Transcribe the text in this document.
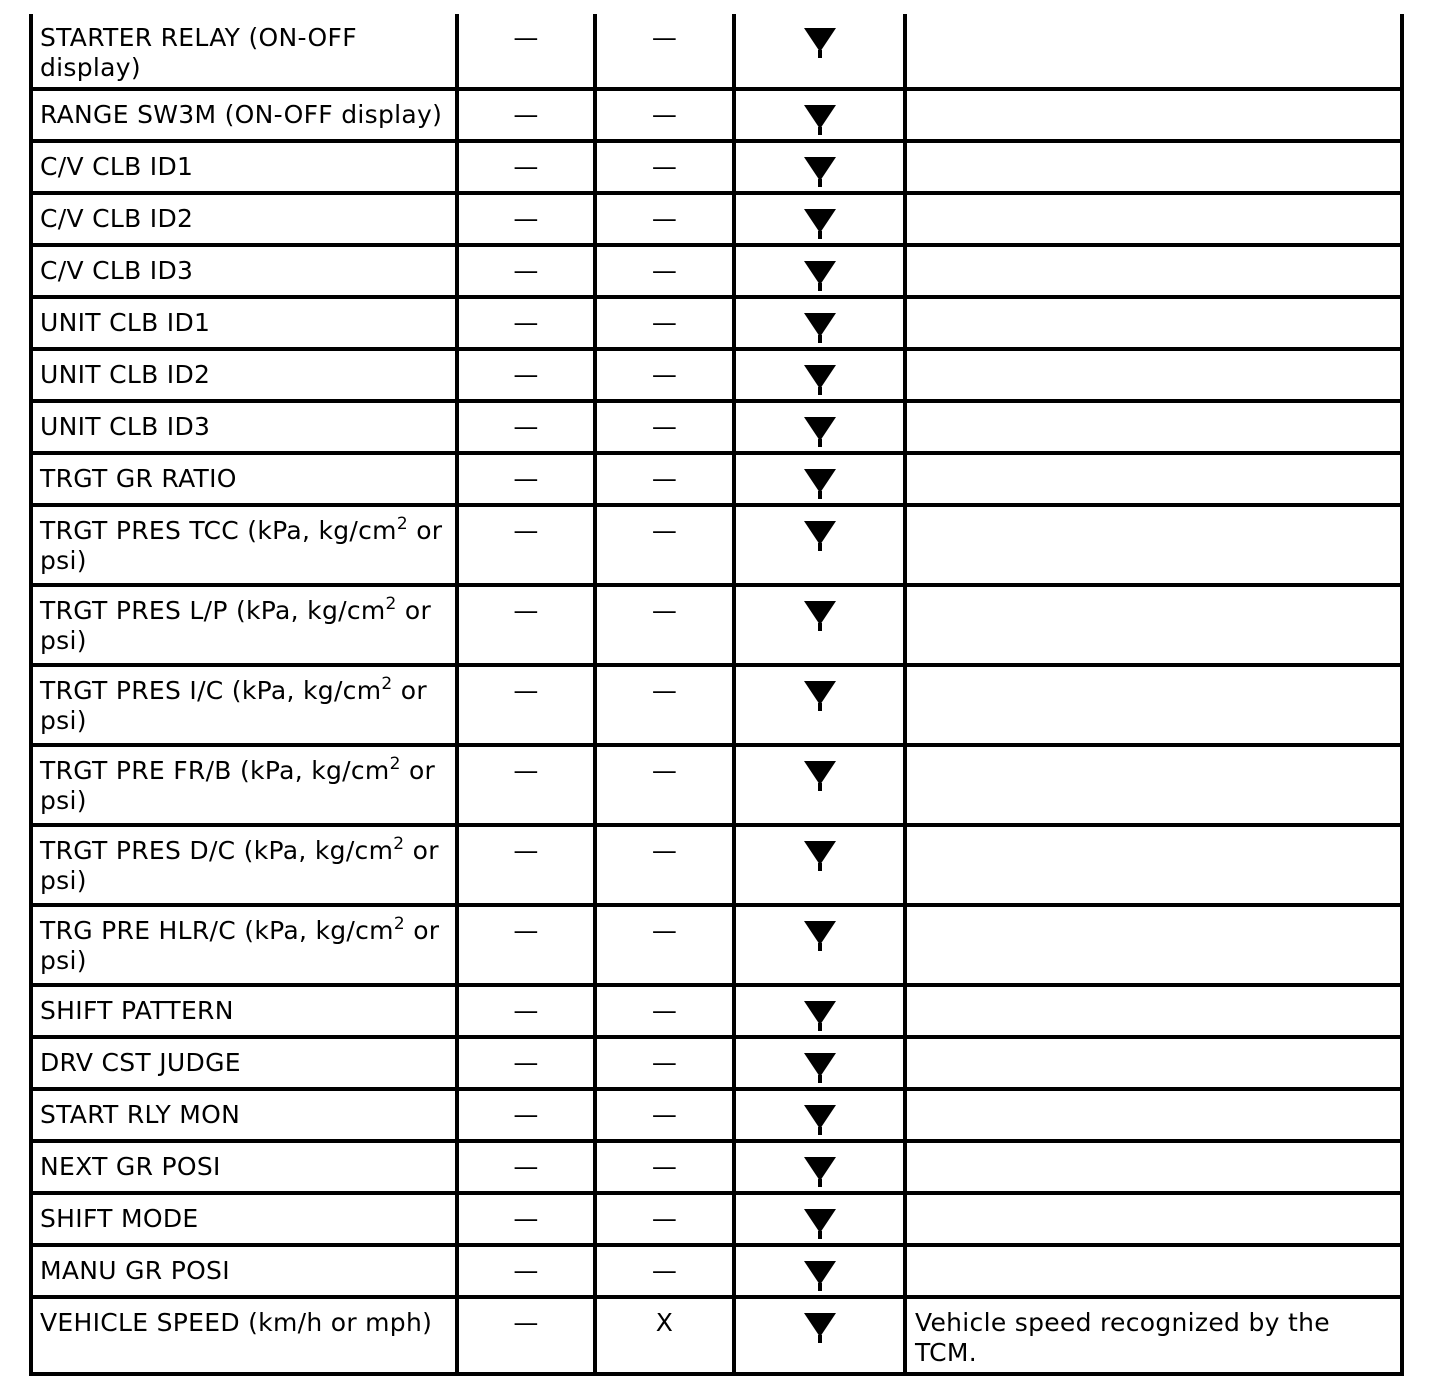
STARTER RELAY (ON-OFF display)	—	—		
RANGE SW3M (ON-OFF display)	—	—		
C/V CLB ID1	—	—		
C/V CLB ID2	—	—		
C/V CLB ID3	—	—		
UNIT CLB ID1	—	—		
UNIT CLB ID2	—	—		
UNIT CLB ID3	—	—		
TRGT GR RATIO	—	—		
TRGT PRES TCC (kPa, $kg/cm^2$ or psi)	—	—		
TRGT PRES L/P (kPa, $kg/cm^2$ or psi)	—	—		
TRGT PRES I/C (kPa, $kg/cm^2$ or psi)	—	—		
TRGT PRE FR/B (kPa, $kg/cm^2$ or psi)	—	—		
TRGT PRES D/C (kPa, $kg/cm^2$ or psi)	—	—		
TRG PRE HLR/C (kPa, $kg/cm^2$ or psi)	—	—		
SHIFT PATTERN	—	—		
DRV CST JUDGE	—	—		
START RLY MON	—	—		
NEXT GR POSI	—	—		
SHIFT MODE	—	—		
MANU GR POSI	—	—		
VEHICLE SPEED (km/h or mph)	—	X		Vehicle speed recognized by the TCM.
